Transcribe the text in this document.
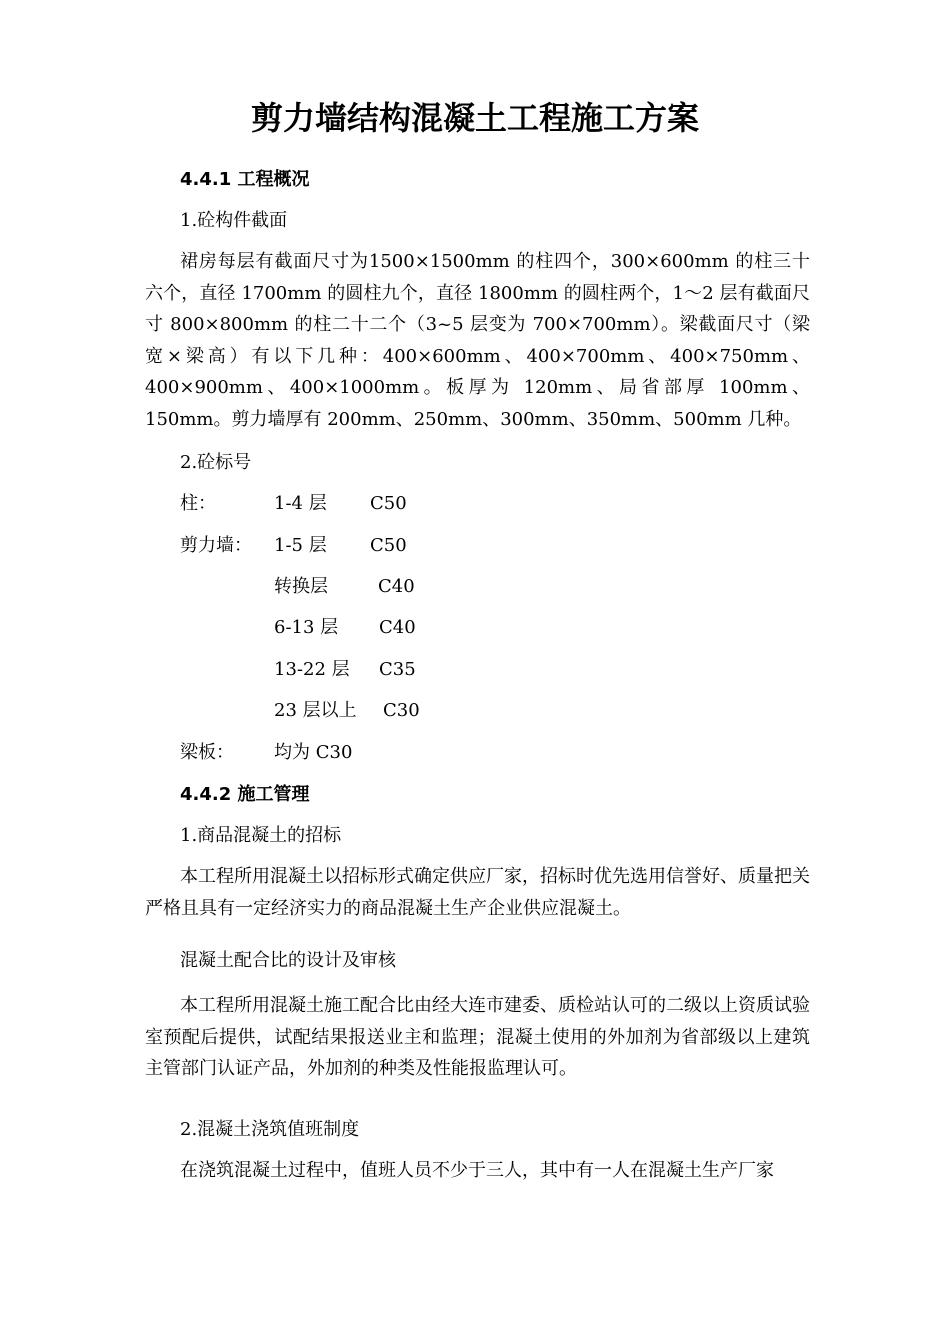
剪力墙结构混凝土工程施工方案
4.4.1 工程概况
1.砼构件截面
裙房每层有截面尺寸为1500×1500mm 的柱四个，300×600mm 的柱三十六个，直径 1700mm 的圆柱九个，直径 1800mm 的圆柱两个，1～2 层有截面尺寸 800×800mm 的柱二十二个（3~5 层变为 700×700mm）。梁截面尺寸（梁宽×梁高）有以下几种：400×600mm、400×700mm、400×750mm、400×900mm、400×1000mm。板厚为 120mm、局省部厚 100mm、150mm。剪力墙厚有 200mm、250mm、300mm、350mm、500mm 几种。
2.砼标号
柱：	1-4 层 C50
剪力墙： 1-5 层 C50
转换层	C40
6-13 层 C40
13-22 层 C35
23 层以上 C30
梁板： 均为 C30
4.4.2 施工管理
1.商品混凝土的招标
本工程所用混凝土以招标形式确定供应厂家，招标时优先选用信誉好、质量把关严格且具有一定经济实力的商品混凝土生产企业供应混凝土。
混凝土配合比的设计及审核
本工程所用混凝土施工配合比由经大连市建委、质检站认可的二级以上资质试验室预配后提供，试配结果报送业主和监理；混凝土使用的外加剂为省部级以上建筑主管部门认证产品，外加剂的种类及性能报监理认可。
2.混凝土浇筑值班制度
在浇筑混凝土过程中，值班人员不少于三人，其中有一人在混凝土生产厂家
